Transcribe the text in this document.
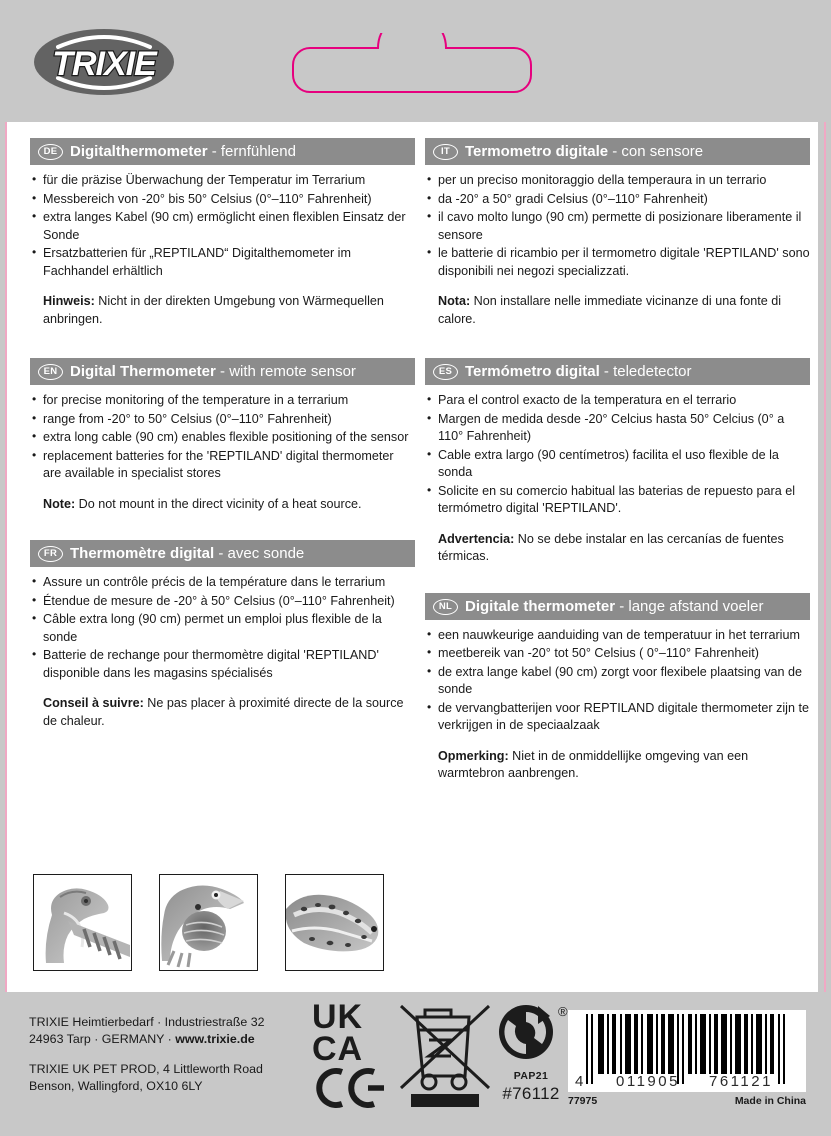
TRIXIE
DE Digitalthermometer - fernfühlend
• für die präzise Überwachung der Temperatur im Terrarium
• Messbereich von -20° bis 50° Celsius (0°–110° Fahrenheit)
• extra langes Kabel (90 cm) ermöglicht einen flexiblen Einsatz der Sonde
• Ersatzbatterien für „REPTILAND“ Digitalthemometer im Fachhandel erhältlich

Hinweis: Nicht in der direkten Umgebung von Wärmequellen anbringen.

EN Digital Thermometer - with remote sensor
• for precise monitoring of the temperature in a terrarium
• range from -20° to 50° Celsius (0°–110° Fahrenheit)
• extra long cable (90 cm) enables flexible positioning of the sensor
• replacement batteries for the 'REPTILAND' digital thermometer are available in specialist stores

Note: Do not mount in the direct vicinity of a heat source.

FR Thermomètre digital - avec sonde
• Assure un contrôle précis de la température dans le terrarium
• Étendue de mesure de -20° à 50° Celsius (0°–110° Fahrenheit)
• Câble extra long (90 cm) permet un emploi plus flexible de la sonde
• Batterie de rechange pour thermomètre digital 'REPTILAND' disponible dans les magasins spécialisés

Conseil à suivre: Ne pas placer à proximité directe de la source de chaleur.

IT Termometro digitale - con sensore
• per un preciso monitoraggio della temperaura in un terrario
• da -20° a 50° gradi Celsius (0°–110° Fahrenheit)
• il cavo molto lungo (90 cm) permette di posizionare liberamente il sensore
• le batterie di ricambio per il termometro digitale 'REPTILAND' sono disponibili nei negozi specializzati.

Nota: Non installare nelle immediate vicinanze di una fonte di calore.

ES Termómetro digital - teledetector
• Para el control exacto de la temperatura en el terrario
• Margen de medida desde -20° Celcius hasta 50° Celcius (0° a 110° Fahrenheit)
• Cable extra largo (90 centímetros) facilita el uso flexible de la sonda
• Solicite en su comercio habitual las baterias de repuesto para el termómetro digital 'REPTILAND'.

Advertencia: No se debe instalar en las cercanías de fuentes térmicas.

NL Digitale thermometer - lange afstand voeler
• een nauwkeurige aanduiding van de temperatuur in het terrarium
• meetbereik van -20° tot 50° Celsius ( 0°–110° Fahrenheit)
• de extra lange kabel (90 cm) zorgt voor flexibele plaatsing van de sonde
• de vervangbatterijen voor REPTILAND digitale thermometer zijn te verkrijgen in de speciaalzaak

Opmerking: Niet in de onmiddellijke omgeving van een warmtebron aanbrengen.

TRIXIE Heimtierbedarf · Industriestraße 32
24963 Tarp · GERMANY · www.trixie.de
TRIXIE UK PET PROD, 4 Littleworth Road
Benson, Wallingford, OX10 6LY
UK
CA
®
PAP21
#76112
4 011905 761121
77975	Made in China
